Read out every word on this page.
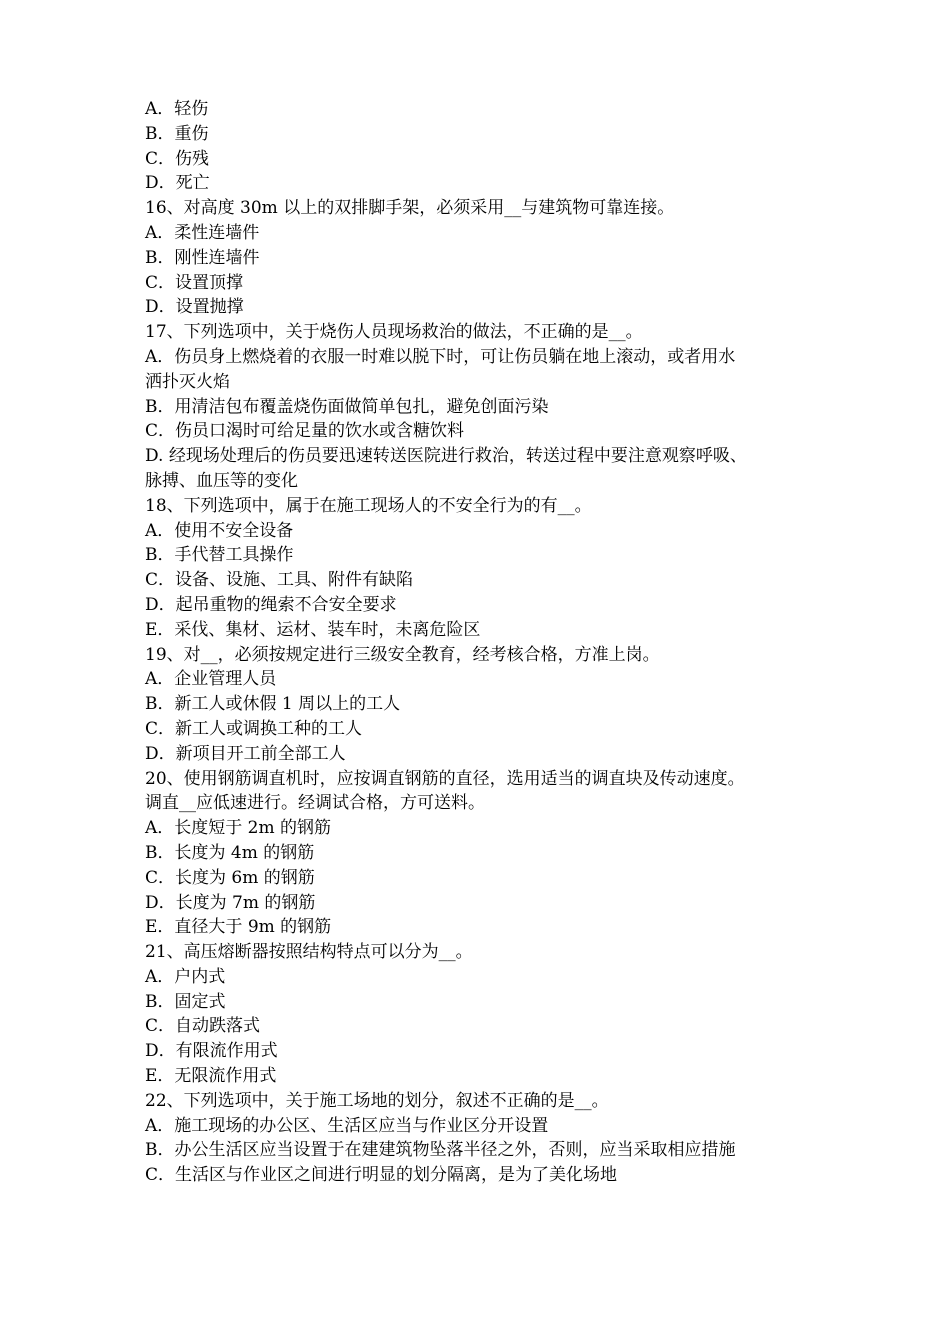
A．轻伤

B．重伤

C．伤残

D．死亡

16、对高度 30m 以上的双排脚手架，必须采用__与建筑物可靠连接。

A．柔性连墙件

B．刚性连墙件

C．设置顶撑

D．设置抛撑

17、下列选项中，关于烧伤人员现场救治的做法，不正确的是__。

A．伤员身上燃烧着的衣服一时难以脱下时，可让伤员躺在地上滚动，或者用水

洒扑灭火焰

B．用清洁包布覆盖烧伤面做简单包扎，避免创面污染

C．伤员口渴时可给足量的饮水或含糖饮料

D. 经现场处理后的伤员要迅速转送医院进行救治，转送过程中要注意观察呼吸、

脉搏、血压等的变化

18、下列选项中，属于在施工现场人的不安全行为的有__。

A．使用不安全设备

B．手代替工具操作

C．设备、设施、工具、附件有缺陷

D．起吊重物的绳索不合安全要求

E．采伐、集材、运材、装车时，未离危险区

19、对__，必须按规定进行三级安全教育，经考核合格，方准上岗。

A．企业管理人员

B．新工人或休假 1 周以上的工人

C．新工人或调换工种的工人

D．新项目开工前全部工人

20、使用钢筋调直机时，应按调直钢筋的直径，选用适当的调直块及传动速度。

调直__应低速进行。经调试合格，方可送料。

A．长度短于 2m 的钢筋

B．长度为 4m 的钢筋

C．长度为 6m 的钢筋

D．长度为 7m 的钢筋

E．直径大于 9m 的钢筋

21、高压熔断器按照结构特点可以分为__。

A．户内式

B．固定式

C．自动跌落式

D．有限流作用式

E．无限流作用式

22、下列选项中，关于施工场地的划分，叙述不正确的是__。

A．施工现场的办公区、生活区应当与作业区分开设置

B．办公生活区应当设置于在建建筑物坠落半径之外，否则，应当采取相应措施

C．生活区与作业区之间进行明显的划分隔离，是为了美化场地
